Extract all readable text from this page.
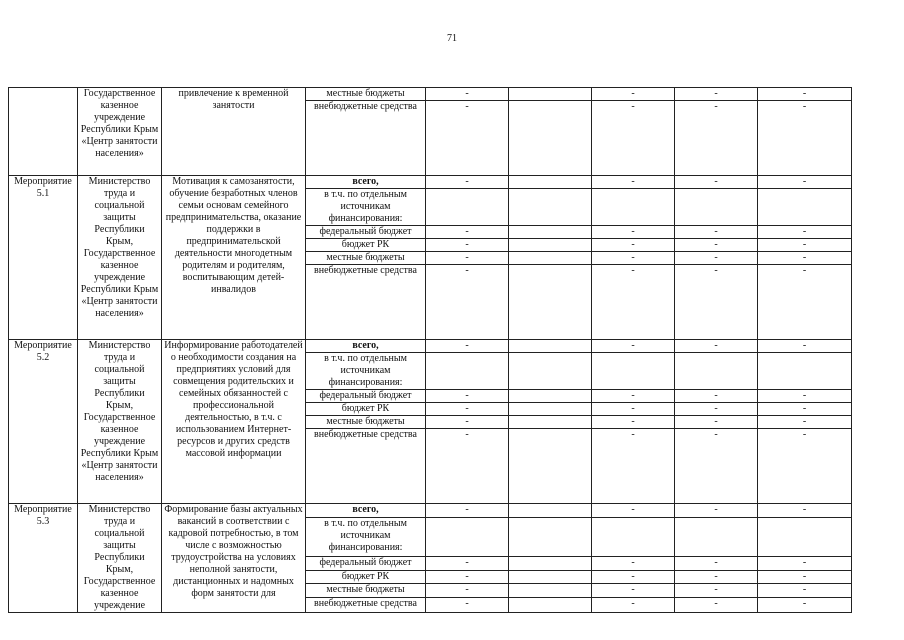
71
	Государственное казенное учреждение Республики Крым «Центр занятости населения»	привлечение к временной занятости	местные бюджеты	-		-	-	-
			внебюджетные средства	-		-	-	-
Мероприятие 5.1	Министерство труда и социальной защиты Республики Крым, Государственное казенное учреждение Республики Крым «Центр занятости населения»	Мотивация к самозанятости, обучение безработных членов семьи основам семейного предпринимательства, оказание поддержки в предпринимательской деятельности многодетным родителям и родителям, воспитывающим детей-инвалидов	всего,	-		-	-	-
			в т.ч. по отдельным источникам финансирования:					
			федеральный бюджет	-		-	-	-
			бюджет РК	-		-	-	-
			местные бюджеты	-		-	-	-
			внебюджетные средства	-		-	-	-
Мероприятие 5.2	Министерство труда и социальной защиты Республики Крым, Государственное казенное учреждение Республики Крым «Центр занятости населения»	Информирование работодателей о необходимости создания на предприятиях условий для совмещения родительских и семейных обязанностей с профессиональной деятельностью, в т.ч. с использованием Интернет-ресурсов и других средств массовой информации	всего,	-		-	-	-
			в т.ч. по отдельным источникам финансирования:					
			федеральный бюджет	-		-	-	-
			бюджет РК	-		-	-	-
			местные бюджеты	-		-	-	-
			внебюджетные средства	-		-	-	-
Мероприятие 5.3	Министерство труда и социальной защиты Республики Крым, Государственное казенное учреждение	Формирование базы актуальных вакансий в соответствии с кадровой потребностью, в том числе с возможностью трудоустройства на условиях неполной занятости, дистанционных и надомных форм занятости для	всего,	-		-	-	-
			в т.ч. по отдельным источникам финансирования:					
			федеральный бюджет	-		-	-	-
			бюджет РК	-		-	-	-
			местные бюджеты	-		-	-	-
			внебюджетные средства	-		-	-	-
